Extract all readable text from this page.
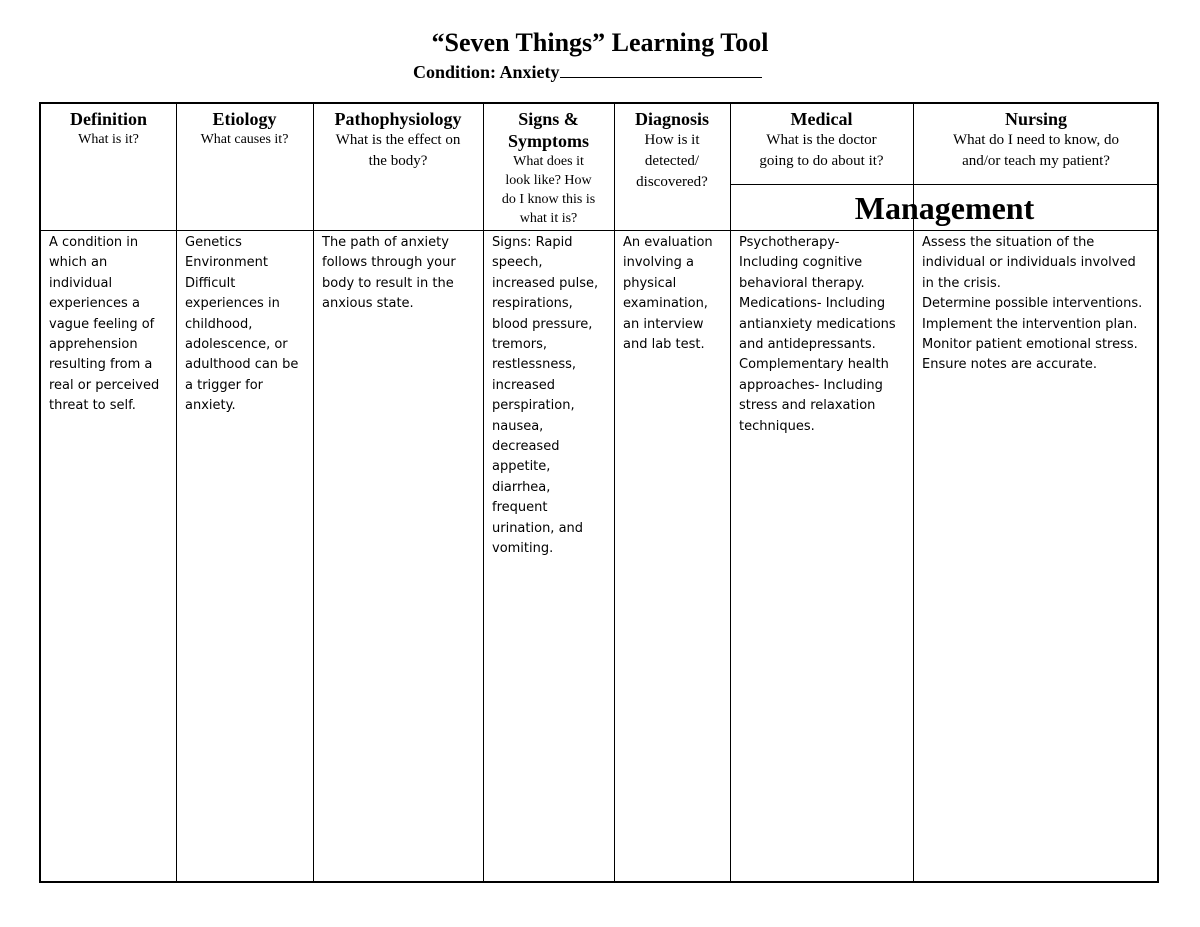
“Seven Things” Learning Tool
Condition: Anxiety
Definition
What is it?
Etiology
What causes it?
Pathophysiology
What is the effect on
the body?
Signs &
Symptoms
What does it
look like? How
do I know this is
what it is?
Diagnosis
How is it
detected/
discovered?
Medical
What is the doctor
going to do about it?
Nursing
What do I need to know, do
and/or teach my patient?
Management
A condition in
which an
individual
experiences a
vague feeling of
apprehension
resulting from a
real or perceived
threat to self.
Genetics
Environment
Difficult
experiences in
childhood,
adolescence, or
adulthood can be
a trigger for
anxiety.
The path of anxiety
follows through your
body to result in the
anxious state.
Signs: Rapid
speech,
increased pulse,
respirations,
blood pressure,
tremors,
restlessness,
increased
perspiration,
nausea,
decreased
appetite,
diarrhea,
frequent
urination, and
vomiting.
An evaluation
involving a
physical
examination,
an interview
and lab test.
Psychotherapy-
Including cognitive
behavioral therapy.
Medications- Including
antianxiety medications
and antidepressants.
Complementary health
approaches- Including
stress and relaxation
techniques.
Assess the situation of the
individual or individuals involved
in the crisis.
Determine possible interventions.
Implement the intervention plan.
Monitor patient emotional stress.
Ensure notes are accurate.
